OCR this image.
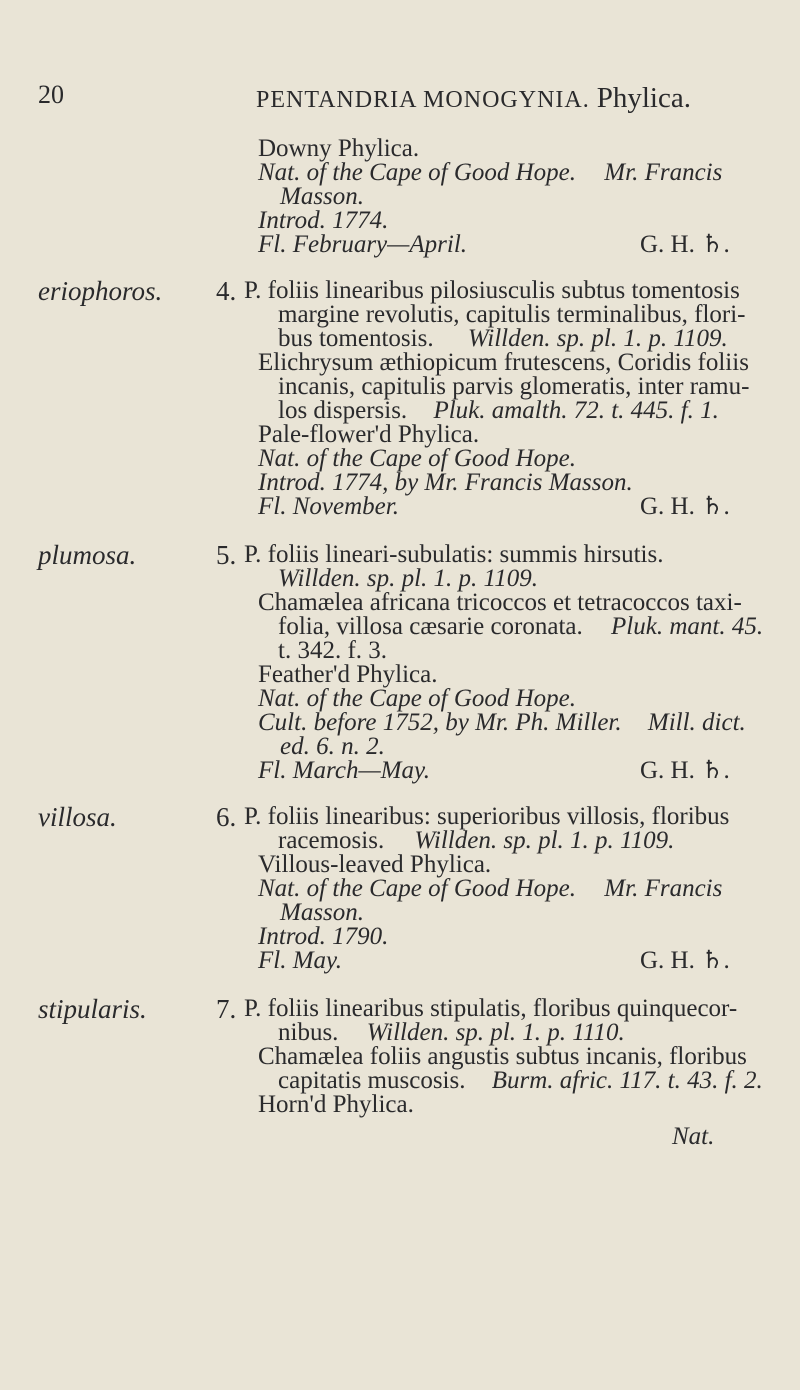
20	PENTANDRIA MONOGYNIA. Phylica.
Downy Phylica.
Nat. of the Cape of Good Hope. Mr. Francis
Masson.
Introd. 1774.
Fl. February—April.	G. H. ♄.
eriophoros. 4. P. foliis linearibus pilosiusculis subtus tomentosis
margine revolutis, capitulis terminalibus, flori-
bus tomentosis. Willden. sp. pl. 1. p. 1109.
Elichrysum æthiopicum frutescens, Coridis foliis
incanis, capitulis parvis glomeratis, inter ramu-
los dispersis. Pluk. amalth. 72. t. 445. f. 1.
Pale-flower'd Phylica.
Nat. of the Cape of Good Hope.
Introd. 1774, by Mr. Francis Masson.
Fl. November.	G. H. ♄.
plumosa.	5. P. foliis lineari-subulatis: summis hirsutis.
Willden. sp. pl. 1. p. 1109.
Chamælea africana tricoccos et tetracoccos taxi-
folia, villosa cæsarie coronata. Pluk. mant. 45.
t. 342. f. 3.
Feather'd Phylica.
Nat. of the Cape of Good Hope.
Cult. before 1752, by Mr. Ph. Miller. Mill. dict.
ed. 6. n. 2.
Fl. March—May.	G. H. ♄.
villosa.	6. P. foliis linearibus: superioribus villosis, floribus
racemosis. Willden. sp. pl. 1. p. 1109.
Villous-leaved Phylica.
Nat. of the Cape of Good Hope. Mr. Francis
Masson.
Introd. 1790.
Fl. May.	G. H. ♄.
stipularis.	7. P. foliis linearibus stipulatis, floribus quinquecor-
nibus. Willden. sp. pl. 1. p. 1110.
Chamælea foliis angustis subtus incanis, floribus
capitatis muscosis. Burm. afric. 117. t. 43. f. 2.
Horn'd Phylica.
Nat.
